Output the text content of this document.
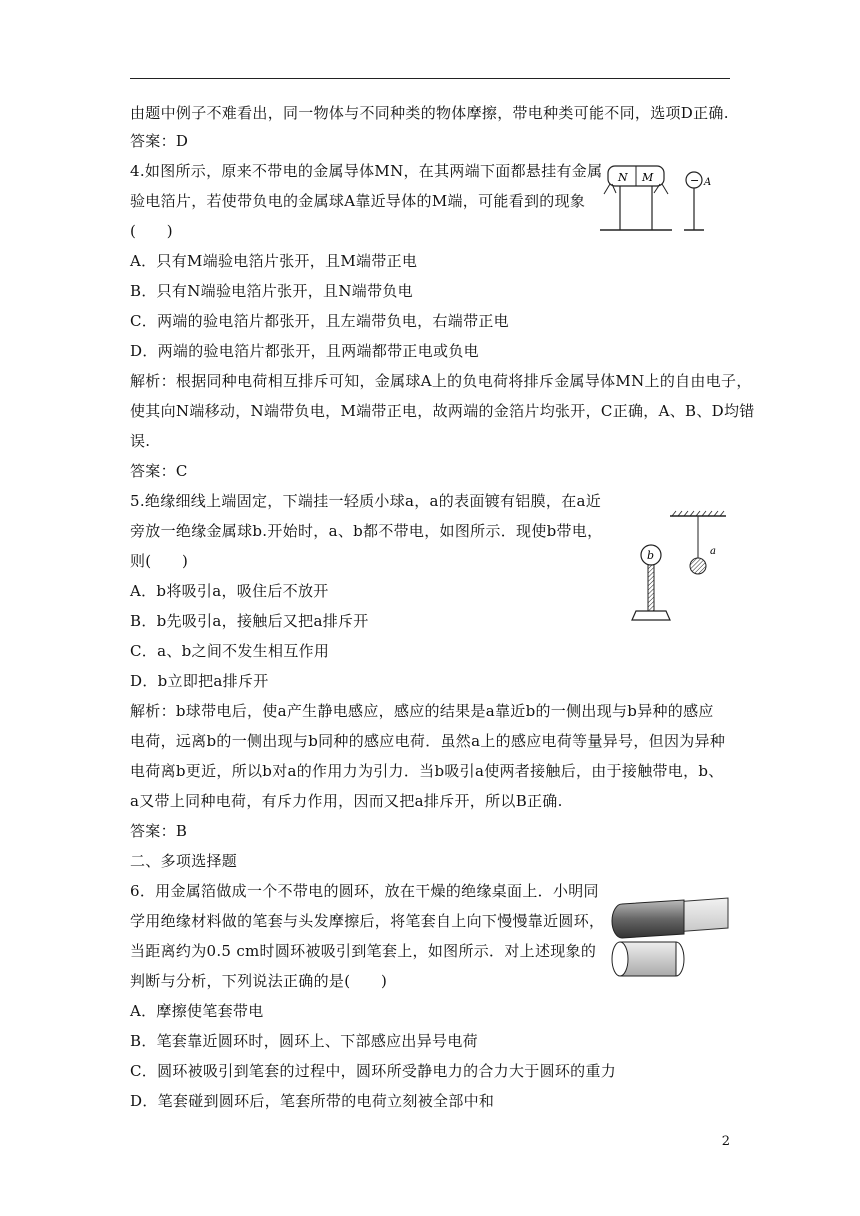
由题中例子不难看出，同一物体与不同种类的物体摩擦，带电种类可能不同，选项D正确.
答案：D
4.如图所示，原来不带电的金属导体MN，在其两端下面都悬挂有金属
验电箔片，若使带负电的金属球A靠近导体的M端，可能看到的现象
(　　)
A．只有M端验电箔片张开，且M端带正电
B．只有N端验电箔片张开，且N端带负电
C．两端的验电箔片都张开，且左端带负电，右端带正电
D．两端的验电箔片都张开，且两端都带正电或负电
解析：根据同种电荷相互排斥可知，金属球A上的负电荷将排斥金属导体MN上的自由电子，
使其向N端移动，N端带负电，M端带正电，故两端的金箔片均张开，C正确，A、B、D均错
误.
答案：C
5.绝缘细线上端固定，下端挂一轻质小球a，a的表面镀有铝膜，在a近
旁放一绝缘金属球b.开始时，a、b都不带电，如图所示．现使b带电，
则(　　)
A．b将吸引a，吸住后不放开
B．b先吸引a，接触后又把a排斥开
C．a、b之间不发生相互作用
D．b立即把a排斥开
解析：b球带电后，使a产生静电感应，感应的结果是a靠近b的一侧出现与b异种的感应
电荷，远离b的一侧出现与b同种的感应电荷．虽然a上的感应电荷等量异号，但因为异种
电荷离b更近，所以b对a的作用力为引力．当b吸引a使两者接触后，由于接触带电，b、
a又带上同种电荷，有斥力作用，因而又把a排斥开，所以B正确.
答案：B
二、多项选择题
6．用金属箔做成一个不带电的圆环，放在干燥的绝缘桌面上．小明同
学用绝缘材料做的笔套与头发摩擦后，将笔套自上向下慢慢靠近圆环，
当距离约为0.5 cm时圆环被吸引到笔套上，如图所示．对上述现象的
判断与分析，下列说法正确的是(　　)
A．摩擦使笔套带电
B．笔套靠近圆环时，圆环上、下部感应出异号电荷
C．圆环被吸引到笔套的过程中，圆环所受静电力的合力大于圆环的重力
D．笔套碰到圆环后，笔套所带的电荷立刻被全部中和
N M	− A
a
b
2
